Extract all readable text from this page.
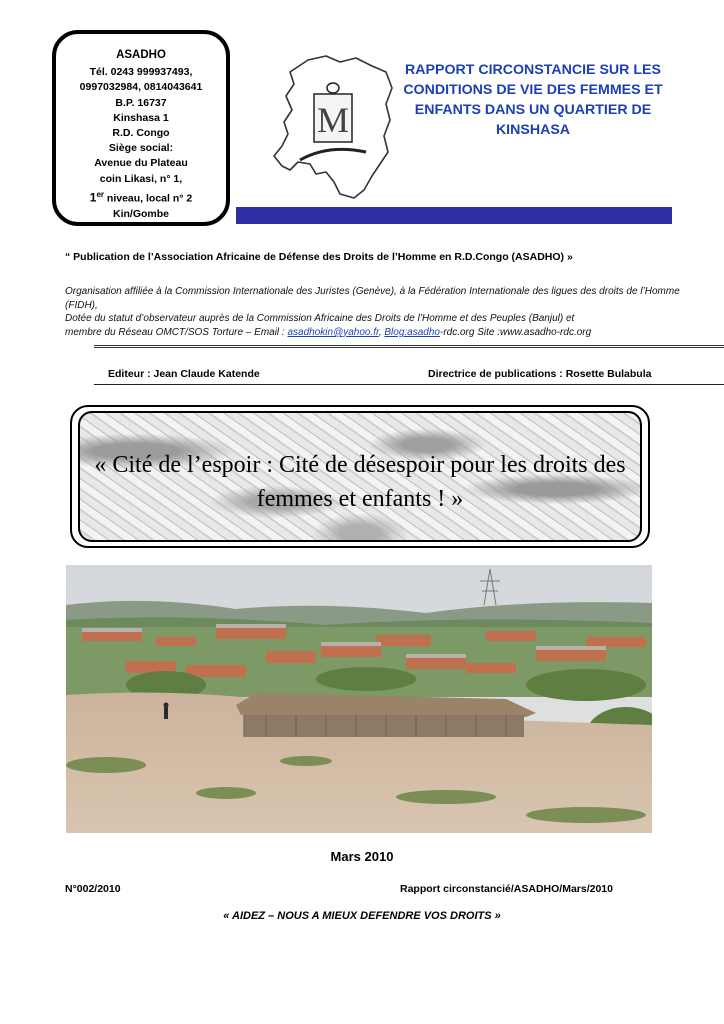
ASADHO
Tél. 0243 999937493,
0997032984, 0814043641
B.P. 16737
Kinshasa 1
R.D. Congo
Siège social:
Avenue du Plateau
coin Likasi, n° 1,
1er niveau, local n° 2
Kin/Gombe
M
RAPPORT CIRCONSTANCIE SUR LES CONDITIONS DE VIE DES FEMMES ET ENFANTS DANS UN QUARTIER DE KINSHASA
“ Publication de l’Association Africaine de Défense des Droits de l’Homme en R.D.Congo (ASADHO) »
Organisation affiliée à la Commission Internationale des Juristes (Genève), à la Fédération Internationale des ligues des droits de l’Homme
(FIDH),
Dotée du statut d’observateur auprès de la Commission Africaine des Droits de l’Homme et des Peuples (Banjul) et
membre du Réseau OMCT/SOS Torture – Email : asadhokin@yahoo.fr, Blog:asadho-rdc.org Site :www.asadho-rdc.org
Editeur : Jean Claude Katende	Directrice de publications : Rosette Bulabula
« Cité de l’espoir : Cité de désespoir pour les droits des femmes et enfants ! »
Mars 2010
N°002/2010	Rapport circonstancié/ASADHO/Mars/2010
« AIDEZ – NOUS A MIEUX DEFENDRE VOS DROITS »
